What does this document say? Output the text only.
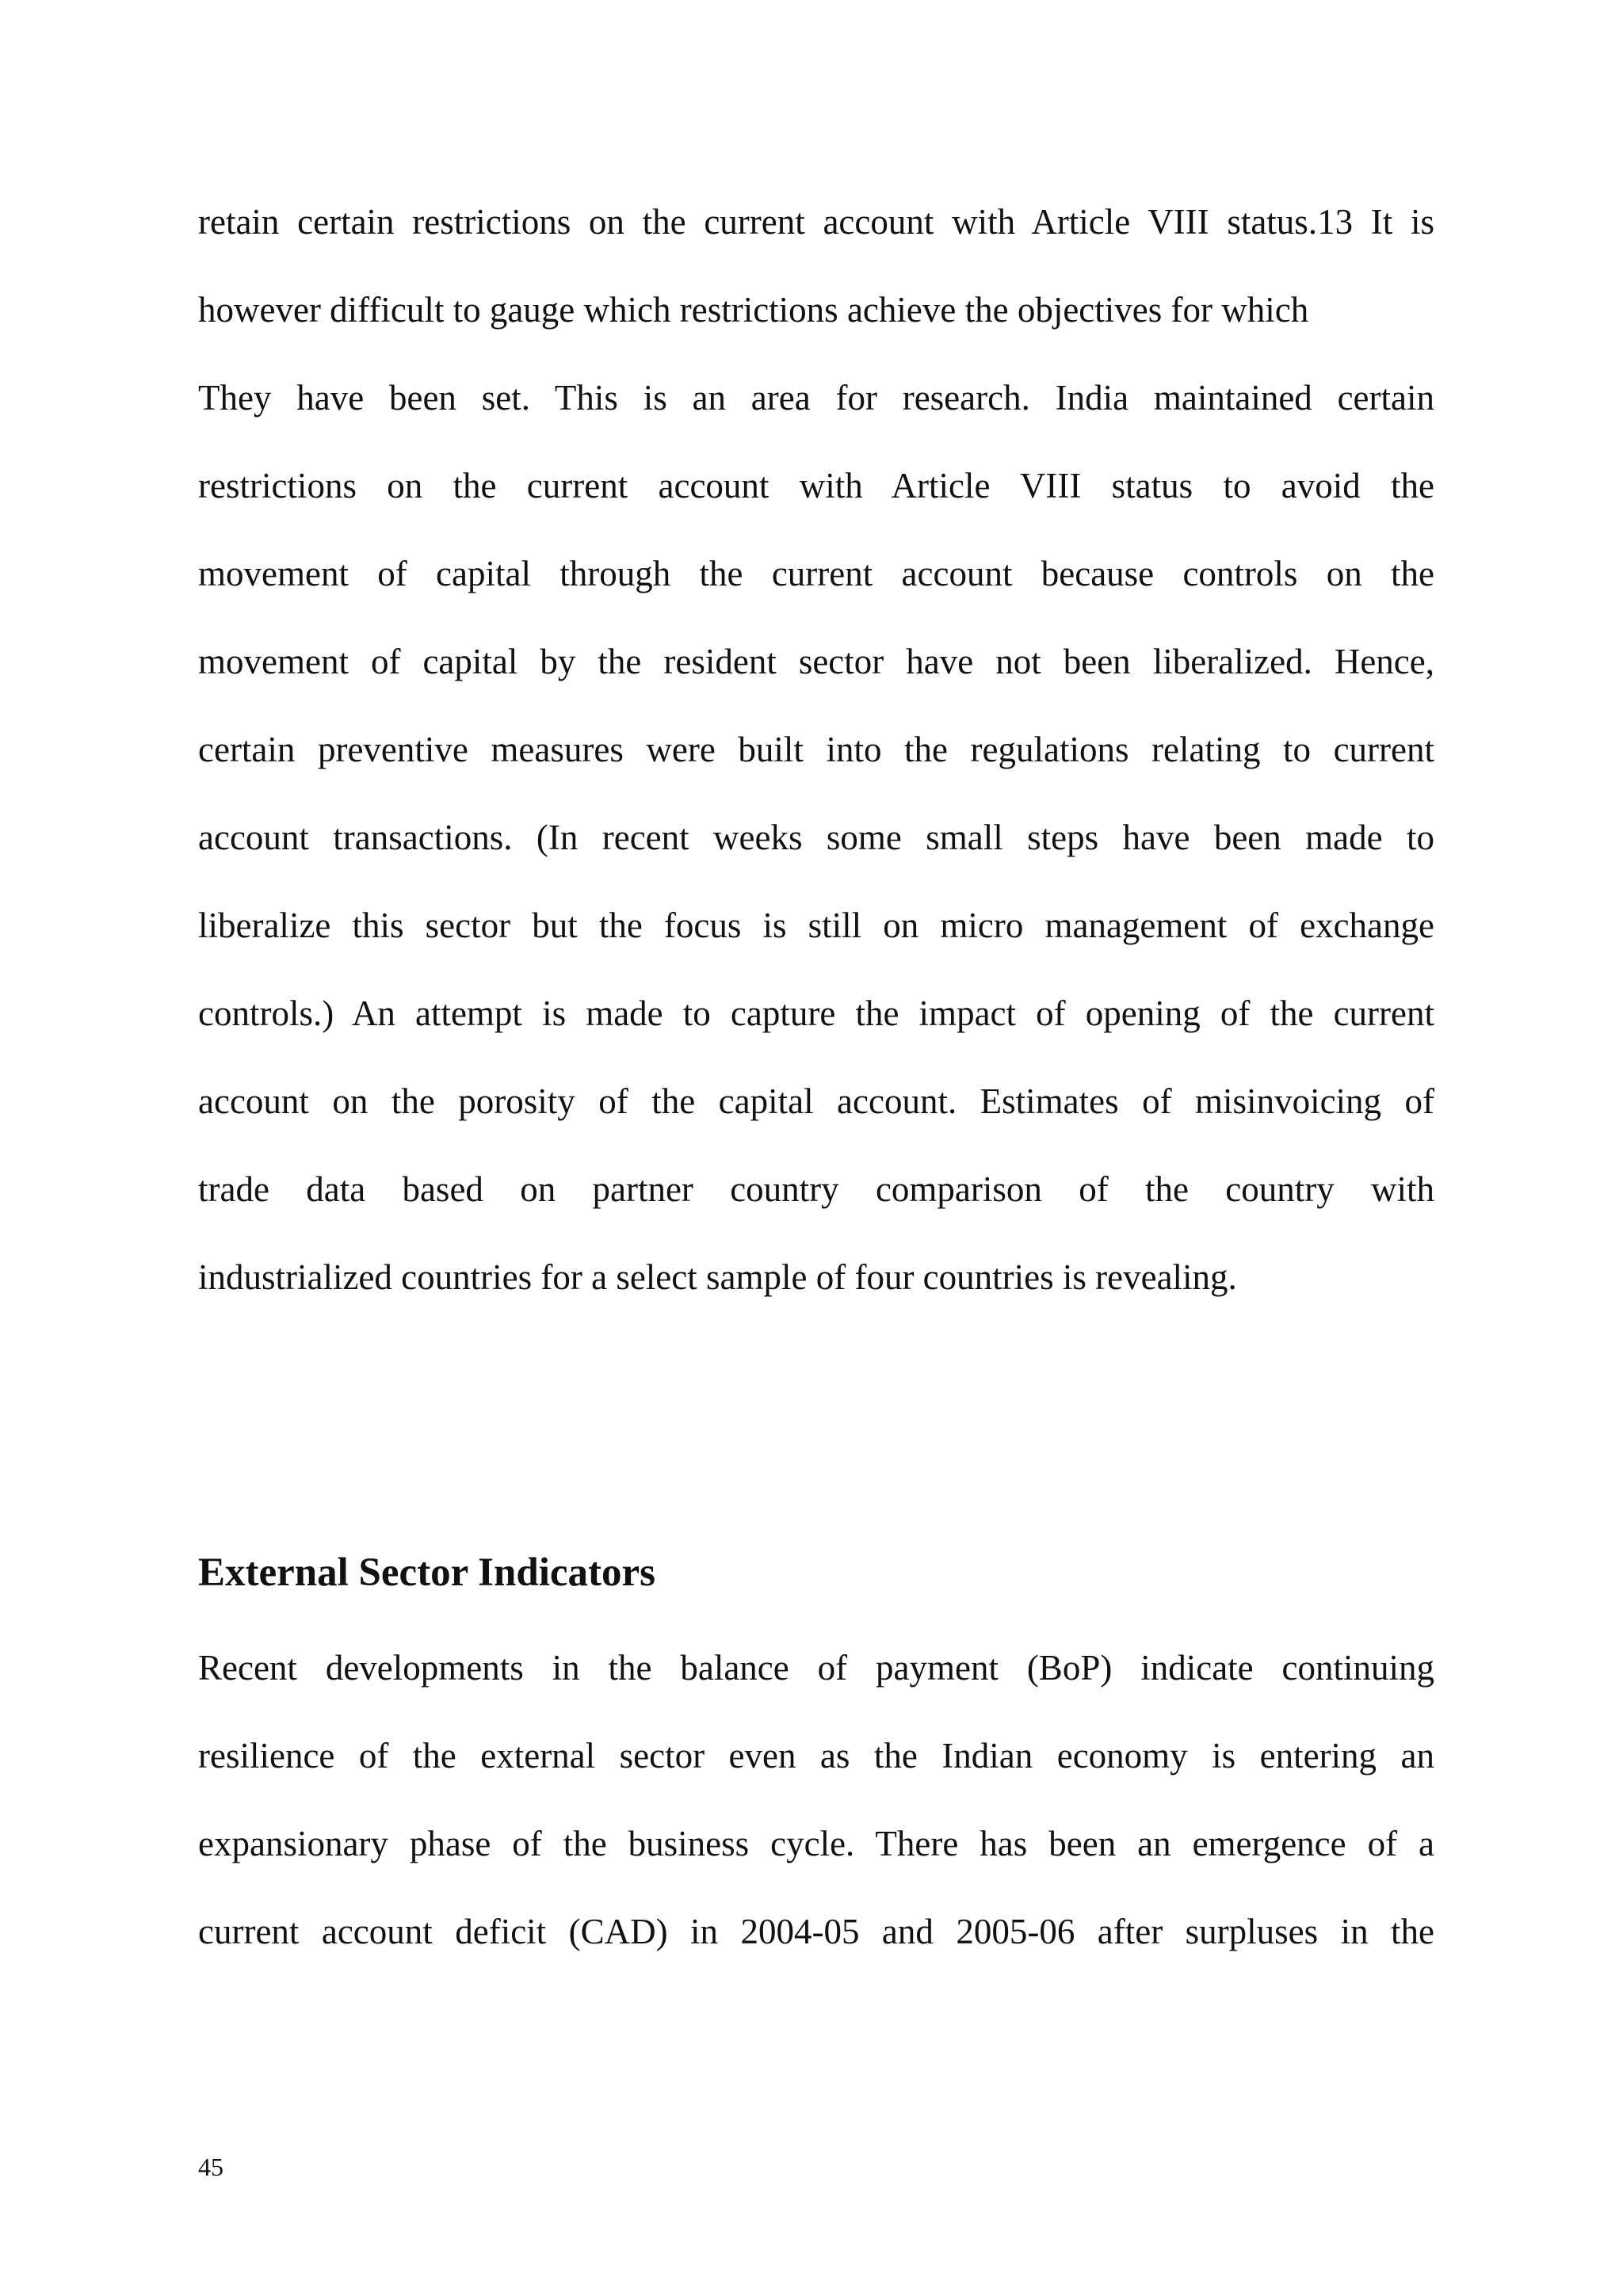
retain certain restrictions on the current account with Article VIII status.13 It is
however difficult to gauge which restrictions achieve the objectives for which
They have been set. This is an area for research. India maintained certain
restrictions on the current account with Article VIII status to avoid the
movement of capital through the current account because controls on the
movement of capital by the resident sector have not been liberalized. Hence,
certain preventive measures were built into the regulations relating to current
account transactions. (In recent weeks some small steps have been made to
liberalize this sector but the focus is still on micro management of exchange
controls.) An attempt is made to capture the impact of opening of the current
account on the porosity of the capital account. Estimates of misinvoicing of
trade data based on partner country comparison of the country with
industrialized countries for a select sample of four countries is revealing.
External Sector Indicators
Recent developments in the balance of payment (BoP) indicate continuing
resilience of the external sector even as the Indian economy is entering an
expansionary phase of the business cycle. There has been an emergence of a
current account deficit (CAD) in 2004-05 and 2005-06 after surpluses in the
45
